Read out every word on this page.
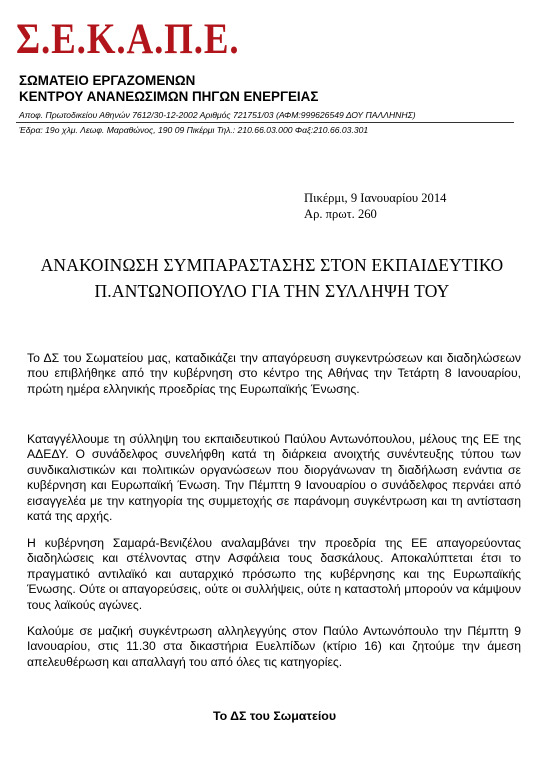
Σ.Ε.Κ.Α.Π.Ε.
ΣΩΜΑΤΕΙΟ ΕΡΓΑΖΟΜΕΝΩΝ
ΚΕΝΤΡΟΥ ΑΝΑΝΕΩΣΙΜΩΝ ΠΗΓΩΝ ΕΝΕΡΓΕΙΑΣ
Αποφ. Πρωτοδικείου Αθηνών 7612/30-12-2002 Αριθμός 721751/03 (ΑΦΜ:999626549 ΔΟΥ ΠΑΛΛΗΝΗΣ)
Έδρα: 19ο χλμ. Λεωφ. Μαραθώνος, 190 09 Πικέρμι Τηλ.: 210.66.03.000 Φαξ:210.66.03.301
Πικέρμι, 9 Ιανουαρίου 2014
Αρ. πρωτ. 260
ΑΝΑΚΟΙΝΩΣΗ ΣΥΜΠΑΡΑΣΤΑΣΗΣ ΣΤΟΝ ΕΚΠΑΙΔΕΥΤΙΚΟ
Π.ΑΝΤΩΝΟΠΟΥΛΟ ΓΙΑ ΤΗΝ ΣΥΛΛΗΨΗ ΤΟΥ
Το ΔΣ του Σωματείου μας, καταδικάζει την απαγόρευση συγκεντρώσεων και διαδηλώσεων που επιβλήθηκε από την κυβέρνηση στο κέντρο της Αθήνας την Τετάρτη 8 Ιανουαρίου, πρώτη ημέρα ελληνικής προεδρίας της Ευρωπαϊκής Ένωσης.
Καταγγέλλουμε τη σύλληψη του εκπαιδευτικού Παύλου Αντωνόπουλου, μέλους της ΕΕ της ΑΔΕΔΥ. Ο συνάδελφος συνελήφθη κατά τη διάρκεια ανοιχτής συνέντευξης τύπου των συνδικαλιστικών και πολιτικών οργανώσεων που διοργάνωναν τη διαδήλωση ενάντια σε κυβέρνηση και Ευρωπαϊκή Ένωση. Την Πέμπτη 9 Ιανουαρίου ο συνάδελφος περνάει από εισαγγελέα με την κατηγορία της συμμετοχής σε παράνομη συγκέντρωση και τη αντίσταση κατά της αρχής.
Η κυβέρνηση Σαμαρά-Βενιζέλου αναλαμβάνει την προεδρία της ΕΕ απαγορεύοντας διαδηλώσεις και στέλνοντας στην Ασφάλεια τους δασκάλους. Αποκαλύπτεται έτσι το πραγματικό αντιλαϊκό και αυταρχικό πρόσωπο της κυβέρνησης και της Ευρωπαϊκής Ένωσης. Ούτε οι απαγορεύσεις, ούτε οι συλλήψεις, ούτε η καταστολή μπορούν να κάμψουν τους λαϊκούς αγώνες.
Καλούμε σε μαζική συγκέντρωση αλληλεγγύης στον Παύλο Αντωνόπουλο την Πέμπτη 9 Ιανουαρίου, στις 11.30 στα δικαστήρια Ευελπίδων (κτίριο 16) και ζητούμε την άμεση απελευθέρωση και απαλλαγή του από όλες τις κατηγορίες.
Το ΔΣ του Σωματείου
